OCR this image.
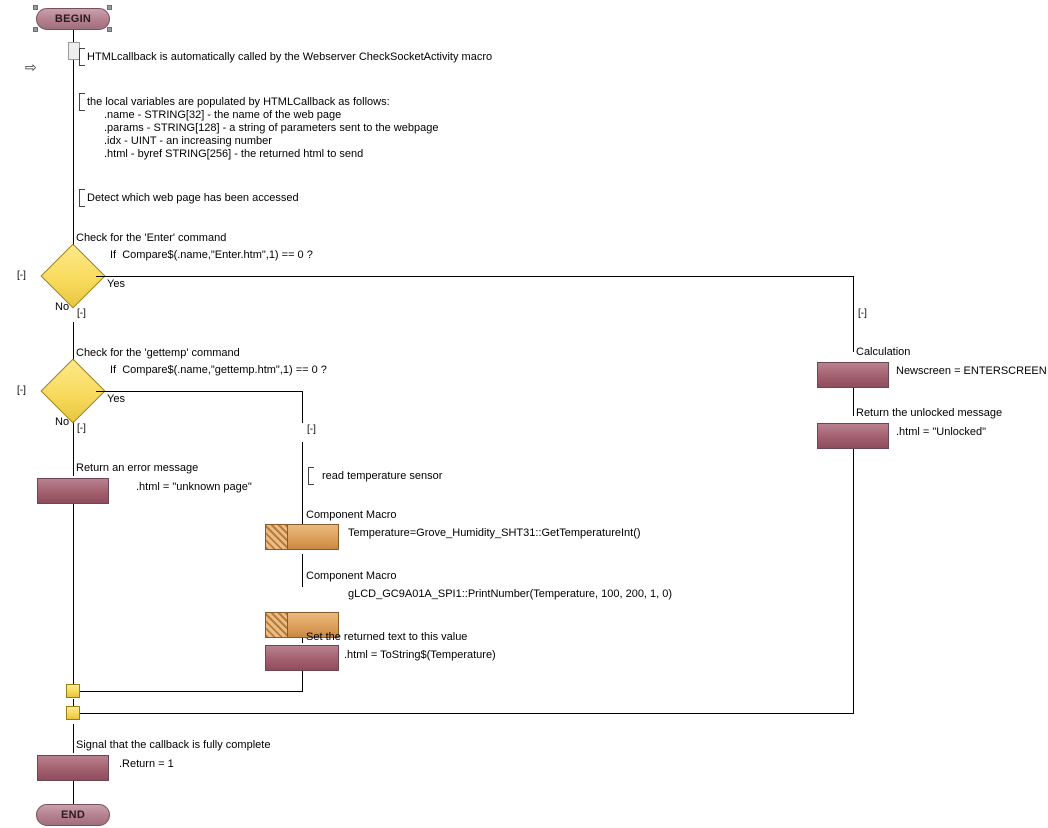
⇨
BEGIN
HTMLcallback is automatically called by the Webserver CheckSocketActivity macro
the local variables are populated by HTMLCallback as follows:
.name - STRING[32] - the name of the web page
.params - STRING[128] - a string of parameters sent to the webpage
.idx - UINT - an increasing number
.html - byref STRING[256] - the returned html to send
Detect which web page has been accessed
Check for the 'Enter' command
If  Compare$(.name,"Enter.htm",1) == 0 ?
[-]
Yes
No
[-]	[-]
Calculation
Newscreen = ENTERSCREEN
Return the unlocked message
.html = "Unlocked"
Check for the 'gettemp' command
If  Compare$(.name,"gettemp.htm",1) == 0 ?
[-]
Yes
No
[-]	[-]
read temperature sensor
Return an error message
.html = "unknown page"
Component Macro
Temperature=Grove_Humidity_SHT31::GetTemperatureInt()
Component Macro
gLCD_GC9A01A_SPI1::PrintNumber(Temperature, 100, 200, 1, 0)
Set the returned text to this value
.html = ToString$(Temperature)
Signal that the callback is fully complete
.Return = 1
END
